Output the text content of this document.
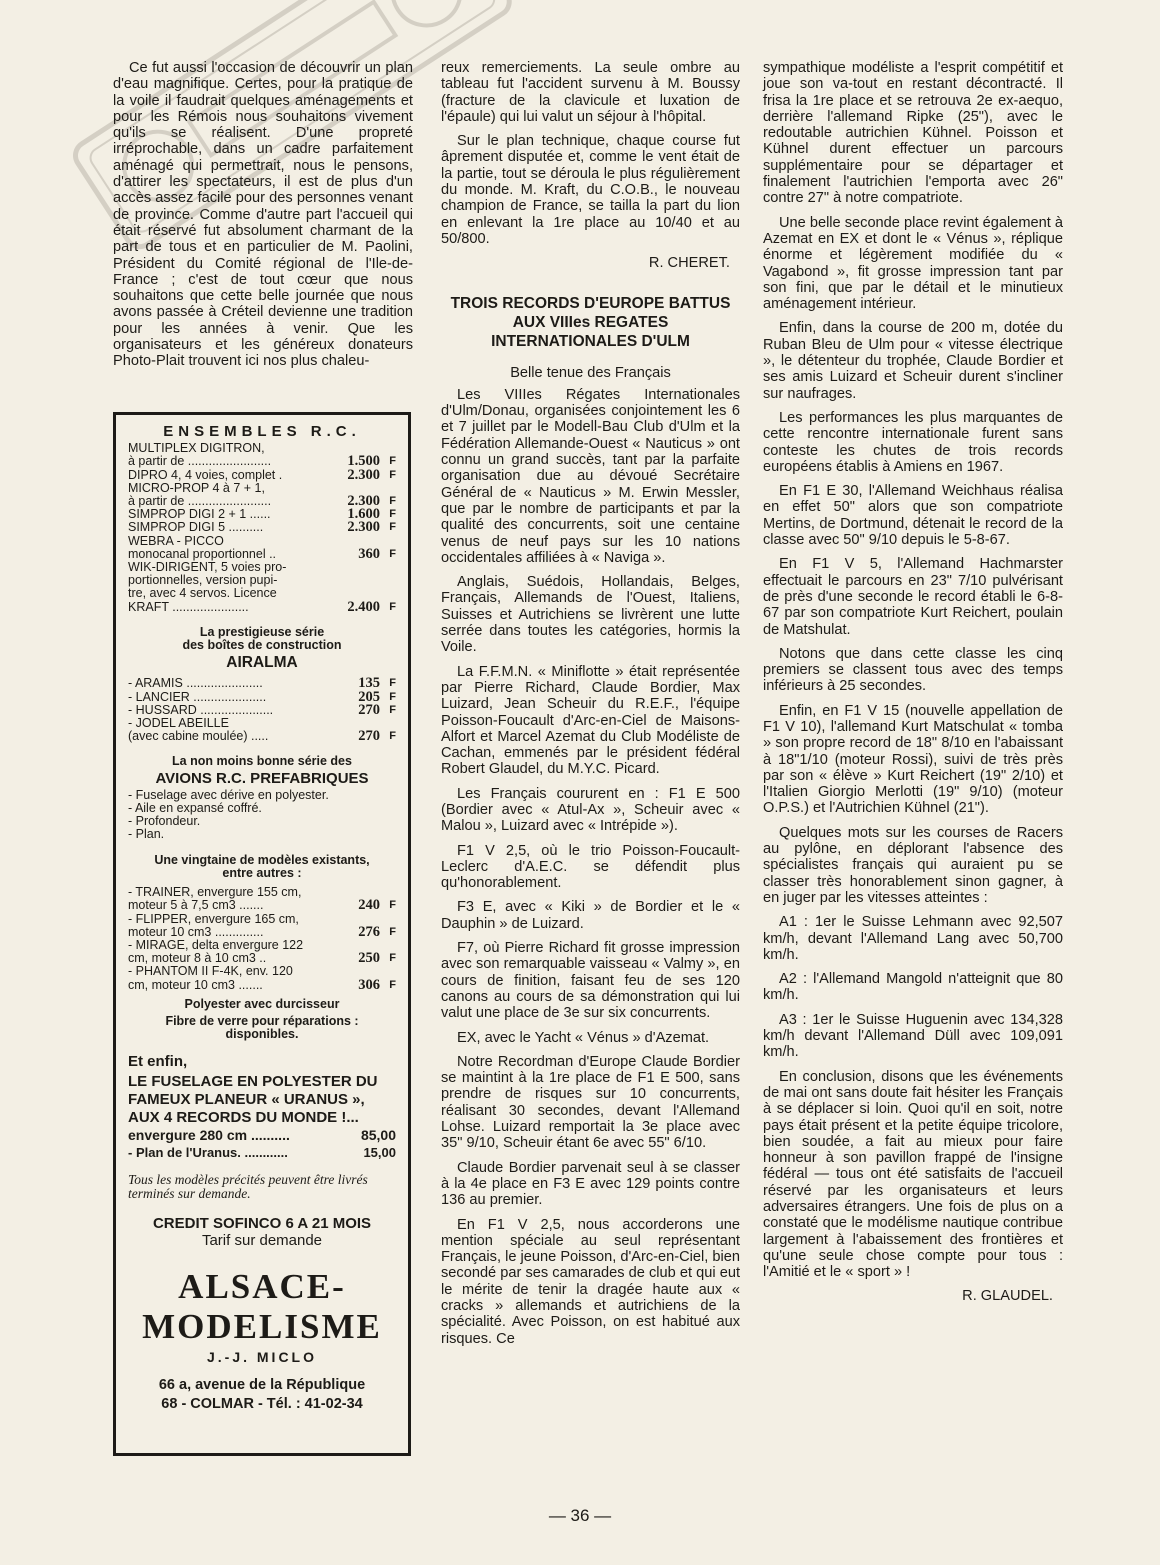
Ce fut aussi l'occasion de découvrir un plan d'eau magnifique. Certes, pour la pratique de la voile il faudrait quelques aménagements et pour les Rémois nous souhaitons vivement qu'ils se réalisent. D'une propreté irréprochable, dans un cadre parfaitement aménagé qui permettrait, nous le pensons, d'attirer les spectateurs, il est de plus d'un accès assez facile pour des personnes venant de province. Comme d'autre part l'accueil qui était réservé fut absolument charmant de la part de tous et en particulier de M. Paolini, Président du Comité régional de l'Ile-de-France ; c'est de tout cœur que nous souhaitons que cette belle journée que nous avons passée à Créteil devienne une tradition pour les années à venir. Que les organisateurs et les généreux donateurs Photo-Plait trouvent ici nos plus chaleu-

ENSEMBLES R.C.
MULTIPLEX DIGITRON,
à partir de ........................	1.500 F
DIPRO 4, 4 voies, complet .	2.300 F
MICRO-PROP 4 à 7 + 1,
à partir de ........................	2.300 F
SIMPROP DIGI 2 + 1 ......	1.600 F
SIMPROP DIGI 5 ..........	2.300 F
WEBRA - PICCO
monocanal proportionnel ..	360 F
WIK-DIRIGENT, 5 voies pro-
portionnelles, version pupi-
tre, avec 4 servos. Licence
KRAFT ......................	2.400 F
La prestigieuse série
des boîtes de construction
AIRALMA
- ARAMIS ......................	135 F
- LANCIER .....................	205 F
- HUSSARD .....................	270 F
- JODEL ABEILLE
(avec cabine moulée) .....	270 F
La non moins bonne série des
AVIONS R.C. PREFABRIQUES
- Fuselage avec dérive en polyester.
- Aile en expansé coffré.
- Profondeur.
- Plan.
Une vingtaine de modèles existants,
entre autres :
- TRAINER, envergure 155 cm,
moteur 5 à 7,5 cm3 .......	240 F
- FLIPPER, envergure 165 cm,
moteur 10 cm3 ..............	276 F
- MIRAGE, delta envergure 122
cm, moteur 8 à 10 cm3 ..	250 F
- PHANTOM II F-4K, env. 120
cm, moteur 10 cm3 .......	306 F
Polyester avec durcisseur
Fibre de verre pour réparations :
disponibles.
Et enfin,
LE FUSELAGE EN POLYESTER DU
FAMEUX PLANEUR « URANUS »,
AUX 4 RECORDS DU MONDE !...
envergure 280 cm ..........	85,00
- Plan de l'Uranus. ............	15,00
Tous les modèles précités peuvent être livrés terminés sur demande.
CREDIT SOFINCO 6 A 21 MOIS
Tarif sur demande
ALSACE-
MODELISME
J.-J. MICLO
66 a, avenue de la République
68 - COLMAR - Tél. : 41-02-34

reux remerciements. La seule ombre au tableau fut l'accident survenu à M. Boussy (fracture de la clavicule et luxation de l'épaule) qui lui valut un séjour à l'hôpital.

Sur le plan technique, chaque course fut âprement disputée et, comme le vent était de la partie, tout se déroula le plus régulièrement du monde. M. Kraft, du C.O.B., le nouveau champion de France, se tailla la part du lion en enlevant la 1re place au 10/40 et au 50/800.

R. CHERET.
TROIS RECORDS D'EUROPE BATTUS AUX VIIIes REGATES INTERNATIONALES D'ULM
Belle tenue des Français

Les VIIIes Régates Internationales d'Ulm/Donau, organisées conjointement les 6 et 7 juillet par le Modell-Bau Club d'Ulm et la Fédération Allemande-Ouest « Nauticus » ont connu un grand succès, tant par la parfaite organisation due au dévoué Secrétaire Général de « Nauticus » M. Erwin Messler, que par le nombre de participants et par la qualité des concurrents, soit une centaine venus de neuf pays sur les 10 nations occidentales affiliées à « Naviga ».

Anglais, Suédois, Hollandais, Belges, Français, Allemands de l'Ouest, Italiens, Suisses et Autrichiens se livrèrent une lutte serrée dans toutes les catégories, hormis la Voile.

La F.F.M.N. « Miniflotte » était représentée par Pierre Richard, Claude Bordier, Max Luizard, Jean Scheuir du R.E.F., l'équipe Poisson-Foucault d'Arc-en-Ciel de Maisons-Alfort et Marcel Azemat du Club Modéliste de Cachan, emmenés par le président fédéral Robert Glaudel, du M.Y.C. Picard.

Les Français coururent en : F1 E 500 (Bordier avec « Atul-Ax », Scheuir avec « Malou », Luizard avec « Intrépide »).

F1 V 2,5, où le trio Poisson-Foucault-Leclerc d'A.E.C. se défendit plus qu'honorablement.

F3 E, avec « Kiki » de Bordier et le « Dauphin » de Luizard.

F7, où Pierre Richard fit grosse impression avec son remarquable vaisseau « Valmy », en cours de finition, faisant feu de ses 120 canons au cours de sa démonstration qui lui valut une place de 3e sur six concurrents.

EX, avec le Yacht « Vénus » d'Azemat.

Notre Recordman d'Europe Claude Bordier se maintint à la 1re place de F1 E 500, sans prendre de risques sur 10 concurrents, réalisant 30 secondes, devant l'Allemand Lohse. Luizard remportait la 3e place avec 35" 9/10, Scheuir étant 6e avec 55" 6/10.

Claude Bordier parvenait seul à se classer à la 4e place en F3 E avec 129 points contre 136 au premier.

En F1 V 2,5, nous accorderons une mention spéciale au seul représentant Français, le jeune Poisson, d'Arc-en-Ciel, bien secondé par ses camarades de club et qui eut le mérite de tenir la dragée haute aux « cracks » allemands et autrichiens de la spécialité. Avec Poisson, on est habitué aux risques. Ce

sympathique modéliste a l'esprit compétitif et joue son va-tout en restant décontracté. Il frisa la 1re place et se retrouva 2e ex-aequo, derrière l'allemand Ripke (25"), avec le redoutable autrichien Kühnel. Poisson et Kühnel durent effectuer un parcours supplémentaire pour se départager et finalement l'autrichien l'emporta avec 26" contre 27" à notre compatriote.

Une belle seconde place revint également à Azemat en EX et dont le « Vénus », réplique énorme et légèrement modifiée du « Vagabond », fit grosse impression tant par son fini, que par le détail et le minutieux aménagement intérieur.

Enfin, dans la course de 200 m, dotée du Ruban Bleu de Ulm pour « vitesse électrique », le détenteur du trophée, Claude Bordier et ses amis Luizard et Scheuir durent s'incliner sur naufrages.

Les performances les plus marquantes de cette rencontre internationale furent sans conteste les chutes de trois records européens établis à Amiens en 1967.

En F1 E 30, l'Allemand Weichhaus réalisa en effet 50" alors que son compatriote Mertins, de Dortmund, détenait le record de la classe avec 50" 9/10 depuis le 5-8-67.

En F1 V 5, l'Allemand Hachmarster effectuait le parcours en 23" 7/10 pulvérisant de près d'une seconde le record établi le 6-8-67 par son compatriote Kurt Reichert, poulain de Matshulat.

Notons que dans cette classe les cinq premiers se classent tous avec des temps inférieurs à 25 secondes.

Enfin, en F1 V 15 (nouvelle appellation de F1 V 10), l'allemand Kurt Matschulat « tomba » son propre record de 18" 8/10 en l'abaissant à 18"1/10 (moteur Rossi), suivi de très près par son « élève » Kurt Reichert (19" 2/10) et l'Italien Giorgio Merlotti (19" 9/10) (moteur O.P.S.) et l'Autrichien Kühnel (21").

Quelques mots sur les courses de Racers au pylône, en déplorant l'absence des spécialistes français qui auraient pu se classer très honorablement sinon gagner, à en juger par les vitesses atteintes :

A1 : 1er le Suisse Lehmann avec 92,507 km/h, devant l'Allemand Lang avec 50,700 km/h.

A2 : l'Allemand Mangold n'atteignit que 80 km/h.

A3 : 1er le Suisse Huguenin avec 134,328 km/h devant l'Allemand Düll avec 109,091 km/h.

En conclusion, disons que les événements de mai ont sans doute fait hésiter les Français à se déplacer si loin. Quoi qu'il en soit, notre pays était présent et la petite équipe tricolore, bien soudée, a fait au mieux pour faire honneur à son pavillon frappé de l'insigne fédéral — tous ont été satisfaits de l'accueil réservé par les organisateurs et leurs adversaires étrangers. Une fois de plus on a constaté que le modélisme nautique contribue largement à l'abaissement des frontières et qu'une seule chose compte pour tous : l'Amitié et le « sport » !

R. GLAUDEL.
— 36 —
